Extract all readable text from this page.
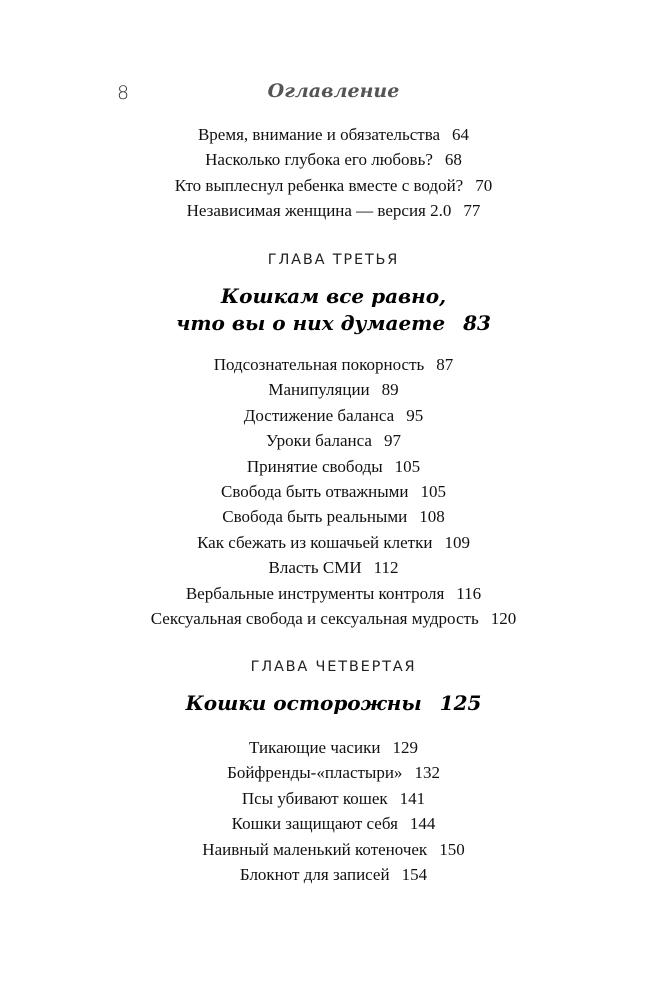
8	Оглавление
Время, внимание и обязательства 64
Насколько глубока его любовь? 68
Кто выплеснул ребенка вместе с водой? 70
Независимая женщина — версия 2.0 77
ГЛАВА ТРЕТЬЯ
Кошкам все равно,
что вы о них думаете 83
Подсознательная покорность 87
Манипуляции 89
Достижение баланса 95
Уроки баланса 97
Принятие свободы 105
Свобода быть отважными 105
Свобода быть реальными 108
Как сбежать из кошачьей клетки 109
Власть СМИ 112
Вербальные инструменты контроля 116
Сексуальная свобода и сексуальная мудрость 120
ГЛАВА ЧЕТВЕРТАЯ
Кошки осторожны 125
Тикающие часики 129
Бойфренды-«пластыри» 132
Псы убивают кошек 141
Кошки защищают себя 144
Наивный маленький котеночек 150
Блокнот для записей 154
